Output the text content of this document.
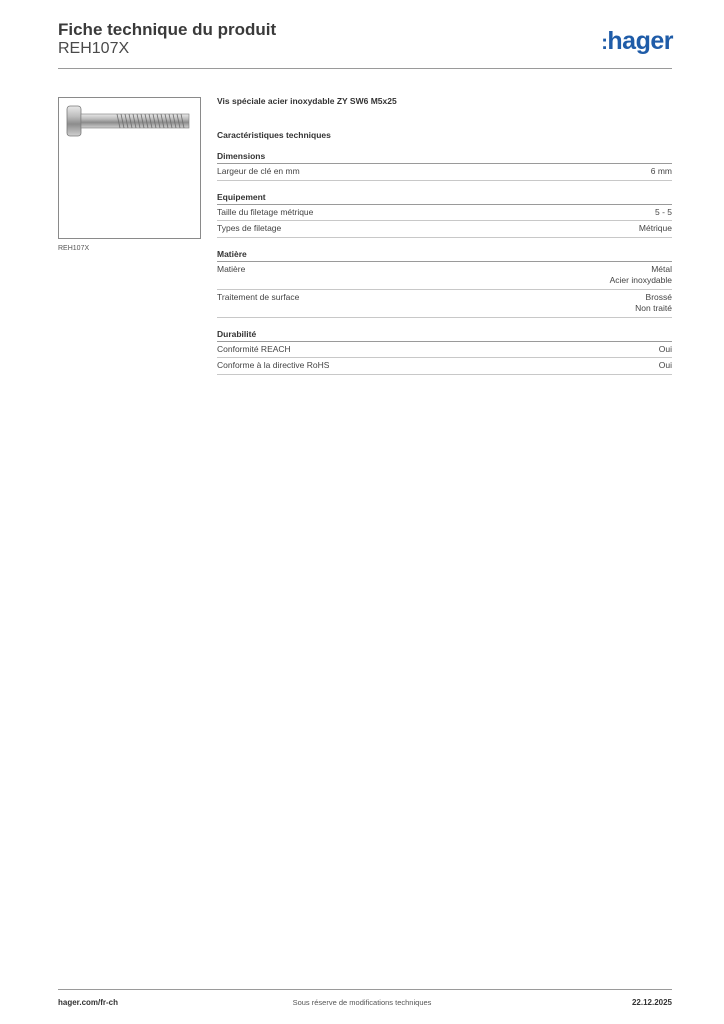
Fiche technique du produit
REH107X	:hager
REH107X
Vis spéciale acier inoxydable ZY SW6 M5x25
Caractéristiques techniques
Dimensions
Largeur de clé en mm	6 mm
Equipement
Taille du filetage métrique	5 - 5
Types de filetage	Métrique
Matière
Matière	Métal
Acier inoxydable
Traitement de surface	Brossé
Non traité
Durabilité
Conformité REACH	Oui
Conforme à la directive RoHS	Oui
hager.com/fr-ch	Sous réserve de modifications techniques	22.12.2025
